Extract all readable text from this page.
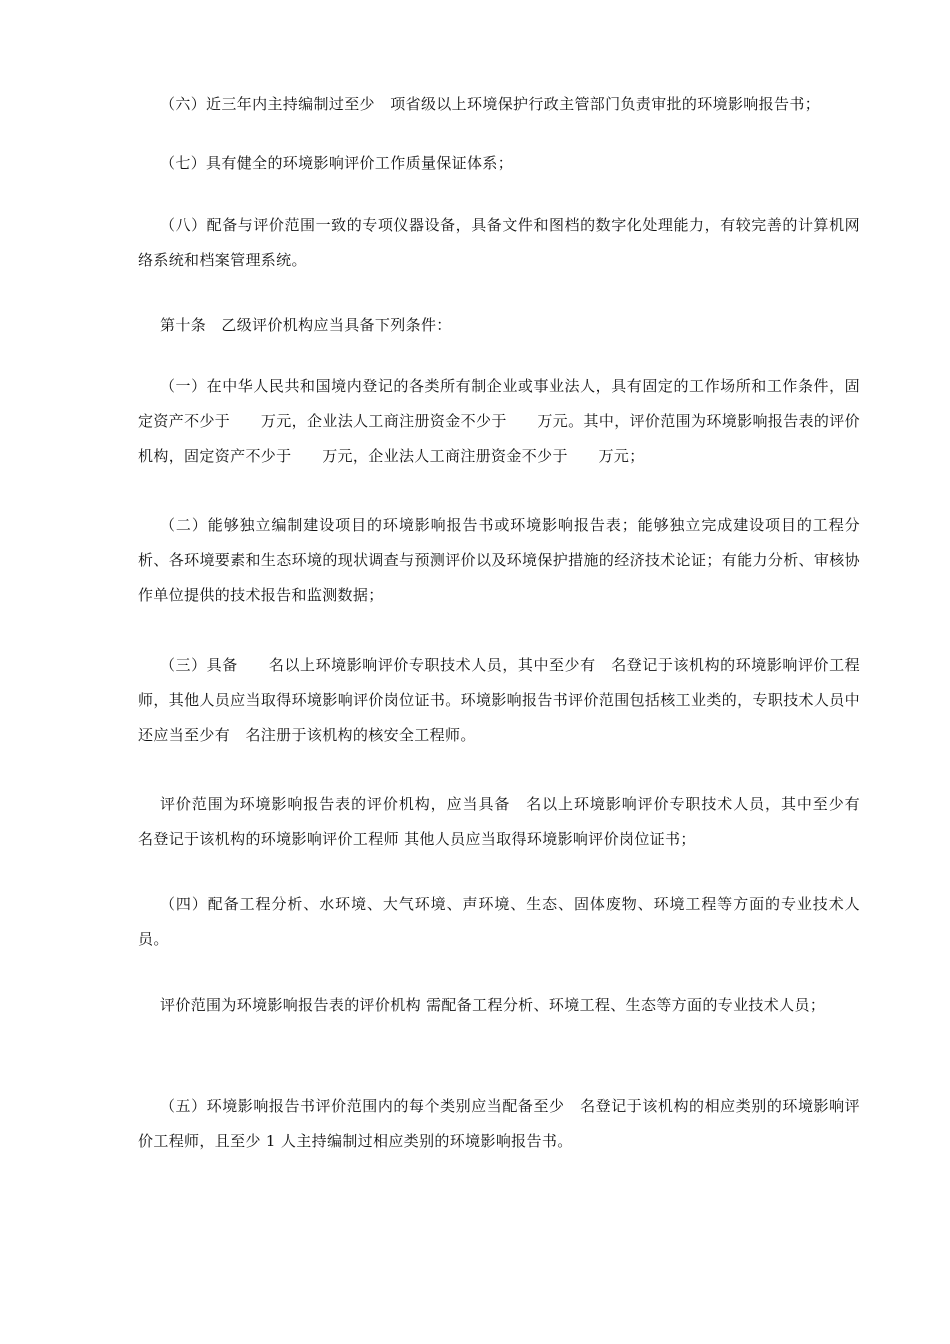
（六）近三年内主持编制过至少　项省级以上环境保护行政主管部门负责审批的环境影响报告书；

（七）具有健全的环境影响评价工作质量保证体系；

（八）配备与评价范围一致的专项仪器设备，具备文件和图档的数字化处理能力，有较完善的计算机网络系统和档案管理系统。

第十条　乙级评价机构应当具备下列条件：

（一）在中华人民共和国境内登记的各类所有制企业或事业法人，具有固定的工作场所和工作条件，固定资产不少于　　万元，企业法人工商注册资金不少于　　万元。其中，评价范围为环境影响报告表的评价机构，固定资产不少于　　万元，企业法人工商注册资金不少于　　万元；

（二）能够独立编制建设项目的环境影响报告书或环境影响报告表；能够独立完成建设项目的工程分析、各环境要素和生态环境的现状调查与预测评价以及环境保护措施的经济技术论证；有能力分析、审核协作单位提供的技术报告和监测数据；

（三）具备　　名以上环境影响评价专职技术人员，其中至少有　名登记于该机构的环境影响评价工程师，其他人员应当取得环境影响评价岗位证书。环境影响报告书评价范围包括核工业类的，专职技术人员中还应当至少有　名注册于该机构的核安全工程师。

评价范围为环境影响报告表的评价机构，应当具备　名以上环境影响评价专职技术人员，其中至少有　名登记于该机构的环境影响评价工程师 其他人员应当取得环境影响评价岗位证书；

（四）配备工程分析、水环境、大气环境、声环境、生态、固体废物、环境工程等方面的专业技术人员。

评价范围为环境影响报告表的评价机构 需配备工程分析、环境工程、生态等方面的专业技术人员；

（五）环境影响报告书评价范围内的每个类别应当配备至少　名登记于该机构的相应类别的环境影响评价工程师，且至少 1 人主持编制过相应类别的环境影响报告书。
